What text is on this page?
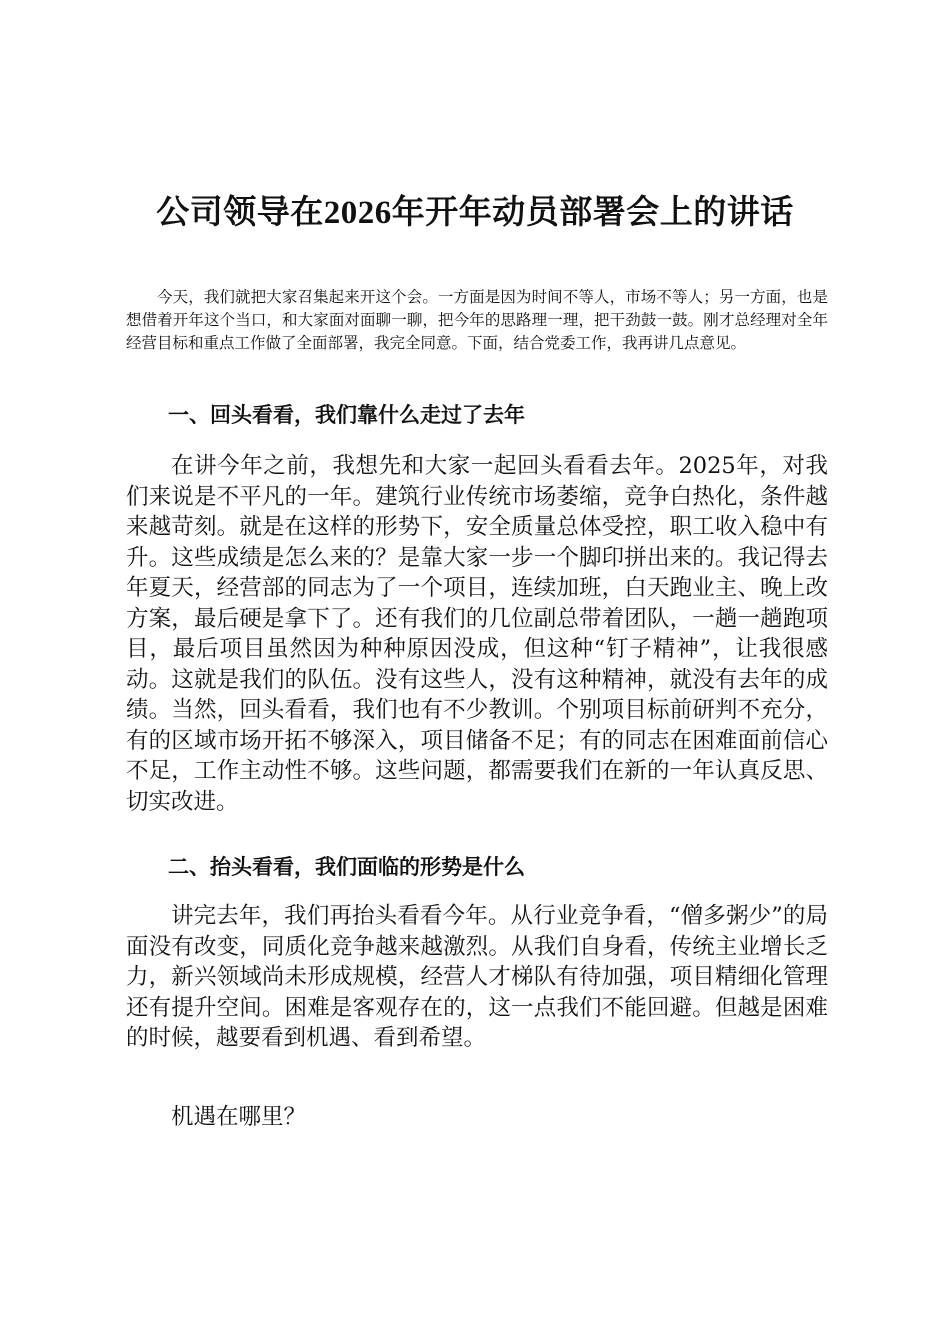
公司领导在2026年开年动员部署会上的讲话

今天，我们就把大家召集起来开这个会。一方面是因为时间不等人，市场不等人；另一方面，也是想借着开年这个当口，和大家面对面聊一聊，把今年的思路理一理，把干劲鼓一鼓。刚才总经理对全年经营目标和重点工作做了全面部署，我完全同意。下面，结合党委工作，我再讲几点意见。

一、回头看看，我们靠什么走过了去年

在讲今年之前，我想先和大家一起回头看看去年。2025年，对我们来说是不平凡的一年。建筑行业传统市场萎缩，竞争白热化，条件越来越苛刻。就是在这样的形势下，安全质量总体受控，职工收入稳中有升。这些成绩是怎么来的？是靠大家一步一个脚印拼出来的。我记得去年夏天，经营部的同志为了一个项目，连续加班，白天跑业主、晚上改方案，最后硬是拿下了。还有我们的几位副总带着团队，一趟一趟跑项目，最后项目虽然因为种种原因没成，但这种“钉子精神”，让我很感动。这就是我们的队伍。没有这些人，没有这种精神，就没有去年的成绩。当然，回头看看，我们也有不少教训。个别项目标前研判不充分，有的区域市场开拓不够深入，项目储备不足；有的同志在困难面前信心不足，工作主动性不够。这些问题，都需要我们在新的一年认真反思、切实改进。

二、抬头看看，我们面临的形势是什么

讲完去年，我们再抬头看看今年。从行业竞争看，“僧多粥少”的局面没有改变，同质化竞争越来越激烈。从我们自身看，传统主业增长乏力，新兴领域尚未形成规模，经营人才梯队有待加强，项目精细化管理还有提升空间。困难是客观存在的，这一点我们不能回避。但越是困难的时候，越要看到机遇、看到希望。

机遇在哪里？
